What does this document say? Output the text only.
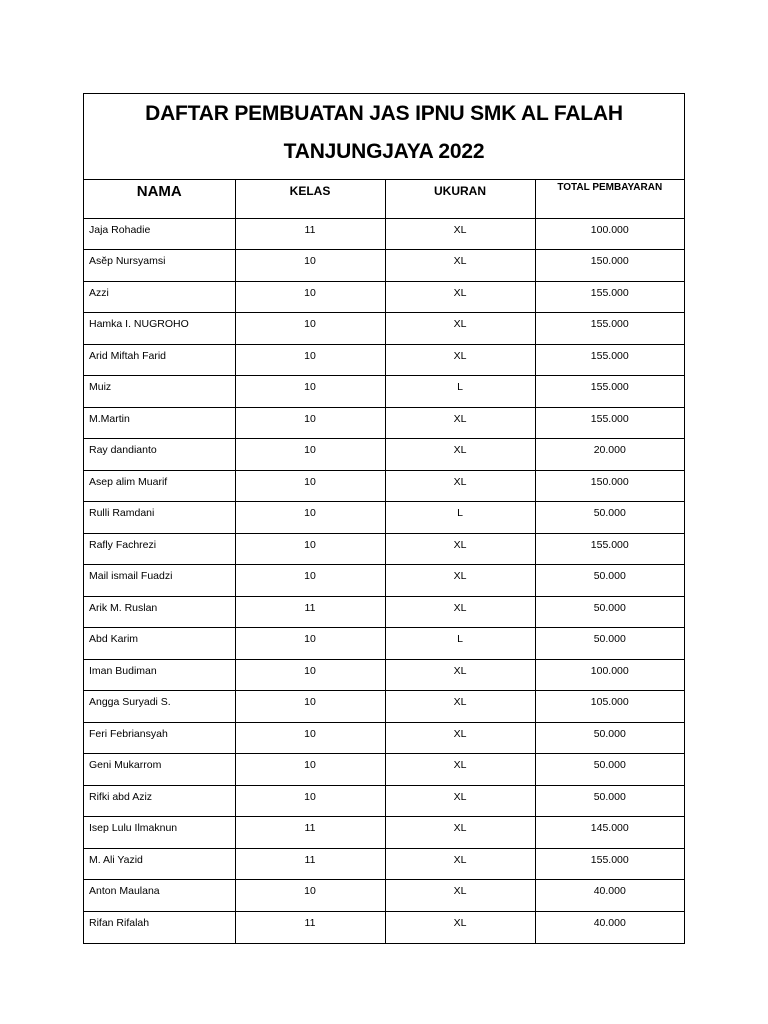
DAFTAR PEMBUATAN JAS IPNU SMK AL FALAH
TANJUNGJAYA 2022
NAMA	KELAS	UKURAN	TOTAL PEMBAYARAN
Jaja Rohadie	11	XL	100.000
Asĕp Nursyamsi	10	XL	150.000
Azzi	10	XL	155.000
Hamka I. NUGROHO	10	XL	155.000
Arid Miftah Farid	10	XL	155.000
Muiz	10	L	155.000
M.Martin	10	XL	155.000
Ray dandianto	10	XL	20.000
Asep alim Muarif	10	XL	150.000
Rulli Ramdani	10	L	50.000
Rafly Fachrezi	10	XL	155.000
Mail ismail Fuadzi	10	XL	50.000
Arik M. Ruslan	11	XL	50.000
Abd Karim	10	L	50.000
Iman Budiman	10	XL	100.000
Angga Suryadi S.	10	XL	105.000
Feri Febriansyah	10	XL	50.000
Geni Mukarrom	10	XL	50.000
Rifki abd Aziz	10	XL	50.000
Isep Lulu Ilmaknun	11	XL	145.000
M. Ali Yazid	11	XL	155.000
Anton Maulana	10	XL	40.000
Rifan Rifalah	11	XL	40.000
